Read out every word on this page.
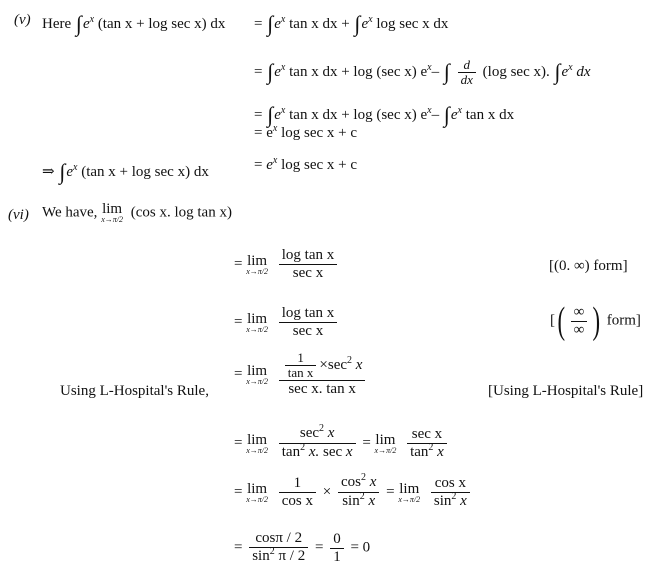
(v) Here $\int e^x$ (tan x + log sec x) dx = $\int e^x$ tan x dx + $\int e^x$ log sec x dx
= $\int e^x$ tan x dx + log (sec x) $e^x-$ ∫ $\frac{d}{dx} (\log$ sec x). $\int e^x$ dx
= $\int e^x$ tan x dx + log (sec x) $e^x-$ $\int e^x$ tan x dx
= $e^x$ log sec x + c
⇒ $\int e^x$ (tan x + log sec x) dx	= $e^x$ log sec x + c
(vi) We have, lim
x→π/2 (cos x. log tan x)
= lim
x→π/2
$\frac{\text{log tan x}}{\text{sec x}}$	[(0. ∞) form]
= lim
x→π/2
$\frac{\text{log tan x}}{\text{sec x}}$	[( $\frac{\infty}{\infty}$ ) form]
Using L-Hospital's Rule,
= lim
x→π/2
$\frac{\frac{1}{\text{tan x}} \times\sec^2 x}{\text{sec x. tan x}}$	[Using L-Hospital's Rule]
= lim
x→π/2
$\frac{\sec^2 x}{\tan^2 x. \sec x} = \lim$
x→π/2
$\frac{\text{sec x}}{\tan^2 x}$
= lim
x→π/2
$\frac{1}{\text{cos x}} \times \frac{\cos^2 x}{\sin^2 x} = \lim$
x→π/2
$\frac{\text{cos x}}{\sin^2 x}$
= $\frac{\cos\pi / 2}{\sin^2 \pi / 2} = \frac{0}{1} = 0$
